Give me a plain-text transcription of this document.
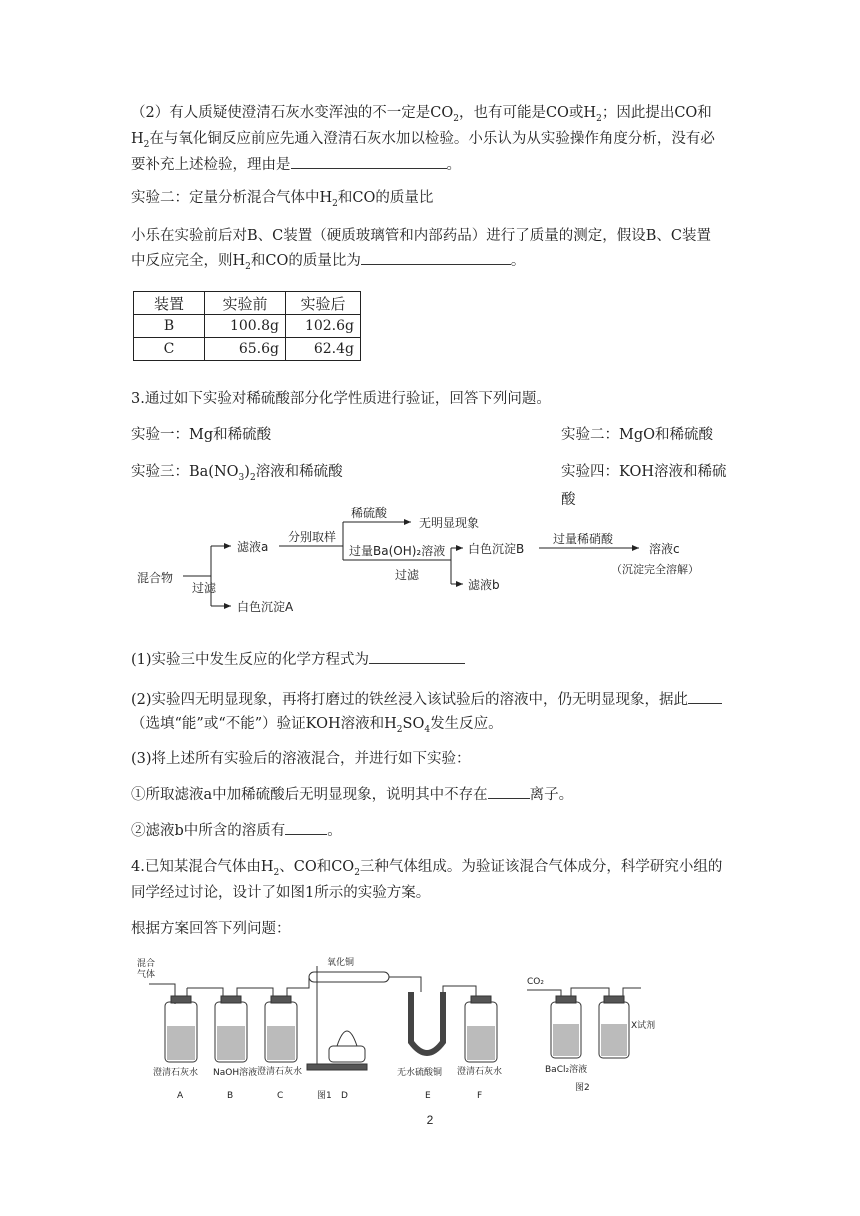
（2）有人质疑使澄清石灰水变浑浊的不一定是$CO_2$，也有可能是CO或$H_2$；因此提出CO和

$H_2$在与氧化铜反应前应先通入澄清石灰水加以检验。小乐认为从实验操作角度分析，没有必

要补充上述检验，理由是	。

实验二：定量分析混合气体中$H_2$和CO的质量比

小乐在实验前后对B、C装置（硬质玻璃管和内部药品）进行了质量的测定，假设B、C装置

中反应完全，则$H_2$和CO的质量比为	。

装置	实验前	实验后
B	100.8g	102.6g
C	65.6g	62.4g

3.通过如下实验对稀硫酸部分化学性质进行验证，回答下列问题。

实验一：Mg和稀硫酸	实验二：MgO和稀硫酸

实验三：$Ba(NO_3)_2$溶液和稀硫酸	实验四：KOH溶液和稀硫酸

混合物
过滤
滤液a
白色沉淀A
分别取样
稀硫酸
无明显现象
过量Ba(OH)₂溶液
过滤
白色沉淀B
滤液b
过量稀硝酸
溶液c
（沉淀完全溶解）

(1)实验三中发生反应的化学方程式为

(2)实验四无明显现象，再将打磨过的铁丝浸入该试验后的溶液中，仍无明显现象，据此

（选填“能”或“不能”）验证KOH溶液和$H_2SO_4$发生反应。

(3)将上述所有实验后的溶液混合，并进行如下实验：

①所取滤液a中加稀硫酸后无明显现象，说明其中不存在	离子。

②滤液b中所含的溶质有	。

4.已知某混合气体由$H_2$、CO和$CO_2$三种气体组成。为验证该混合气体成分，科学研究小组的

同学经过讨论，设计了如图1所示的实验方案。

根据方案回答下列问题：

混合
气体
氧化铜
澄清石灰水 NaOH溶液 澄清石灰水	无水硫酸铜 澄清石灰水
A	B	C	D	E	F
图1
CO₂
BaCl₂溶液
X试剂
图2
2
